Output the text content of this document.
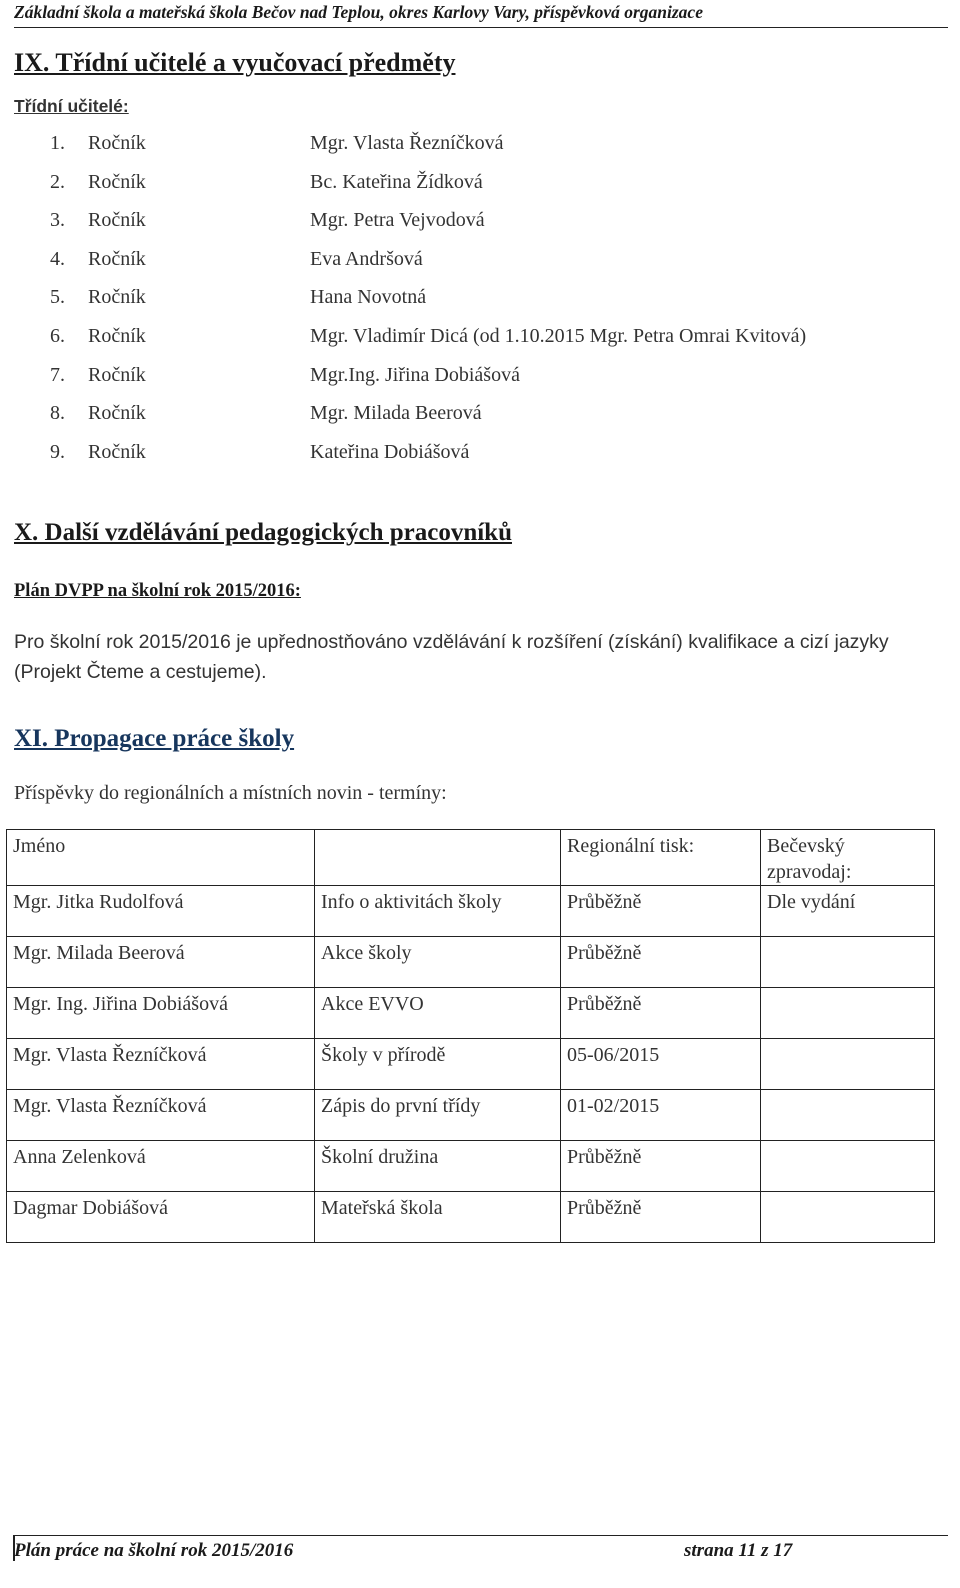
Základní škola a mateřská škola Bečov nad Teplou, okres Karlovy Vary, příspěvková organizace
IX. Třídní učitelé a vyučovací předměty
Třídní učitelé:
1. Ročník	Mgr. Vlasta Řezníčková
2. Ročník	Bc. Kateřina Žídková
3. Ročník	Mgr. Petra Vejvodová
4. Ročník	Eva Andršová
5. Ročník	Hana Novotná
6. Ročník	Mgr. Vladimír Dicá (od 1.10.2015 Mgr. Petra Omrai Kvitová)
7. Ročník	Mgr.Ing. Jiřina Dobiášová
8. Ročník	Mgr. Milada Beerová
9. Ročník	Kateřina Dobiášová
X. Další vzdělávání pedagogických pracovníků
Plán DVPP na školní rok 2015/2016:
Pro školní rok 2015/2016 je upřednostňováno vzdělávání k rozšíření (získání) kvalifikace a cizí jazyky (Projekt Čteme a cestujeme).
XI. Propagace práce školy
Příspěvky do regionálních a místních novin - termíny:
Jméno		Regionální tisk:	Bečevský zpravodaj:
Mgr. Jitka Rudolfová	Info o aktivitách školy	Průběžně	Dle vydání
Mgr. Milada Beerová	Akce školy	Průběžně	
Mgr. Ing. Jiřina Dobiášová	Akce EVVO	Průběžně	
Mgr. Vlasta Řezníčková	Školy v přírodě	05-06/2015	
Mgr. Vlasta Řezníčková	Zápis do první třídy	01-02/2015	
Anna Zelenková	Školní družina	Průběžně	
Dagmar Dobiášová	Mateřská škola	Průběžně	
Plán práce na školní rok 2015/2016	strana 11 z 17
